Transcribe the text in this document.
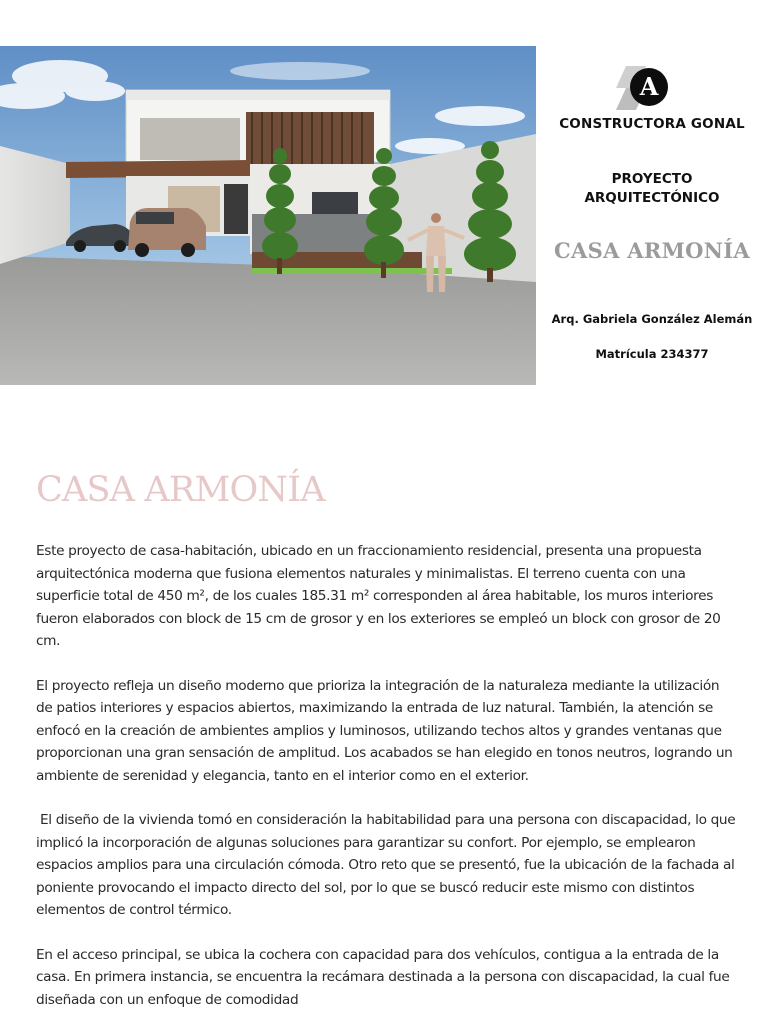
A
CONSTRUCTORA GONAL
PROYECTO
ARQUITECTÓNICO
CASA ARMONÍA
Arq. Gabriela González Alemán
Matrícula 234377
CASA ARMONÍA

Este proyecto de casa-habitación, ubicado en un fraccionamiento residencial, presenta una propuesta arquitectónica moderna que fusiona elementos naturales y minimalistas. El terreno cuenta con una superficie total de 450 m², de los cuales 185.31 m² corresponden al área habitable, los muros interiores fueron elaborados con block de 15 cm de grosor y en los exteriores se empleó un block con grosor de 20 cm.

El proyecto refleja un diseño moderno que prioriza la integración de la naturaleza mediante la utilización de patios interiores y espacios abiertos, maximizando la entrada de luz natural. También, la atención se enfocó en la creación de ambientes amplios y luminosos, utilizando techos altos y grandes ventanas que proporcionan una gran sensación de amplitud. Los acabados se han elegido en tonos neutros, logrando un ambiente de serenidad y elegancia, tanto en el interior como en el exterior.

El diseño de la vivienda tomó en consideración la habitabilidad para una persona con discapacidad, lo que implicó la incorporación de algunas soluciones para garantizar su confort. Por ejemplo, se emplearon espacios amplios para una circulación cómoda. Otro reto que se presentó, fue la ubicación de la fachada al poniente provocando el impacto directo del sol, por lo que se buscó reducir este mismo con distintos elementos de control térmico.

En el acceso principal, se ubica la cochera con capacidad para dos vehículos, contigua a la entrada de la casa. En primera instancia, se encuentra la recámara destinada a la persona con discapacidad, la cual fue diseñada con un enfoque de comodidad
